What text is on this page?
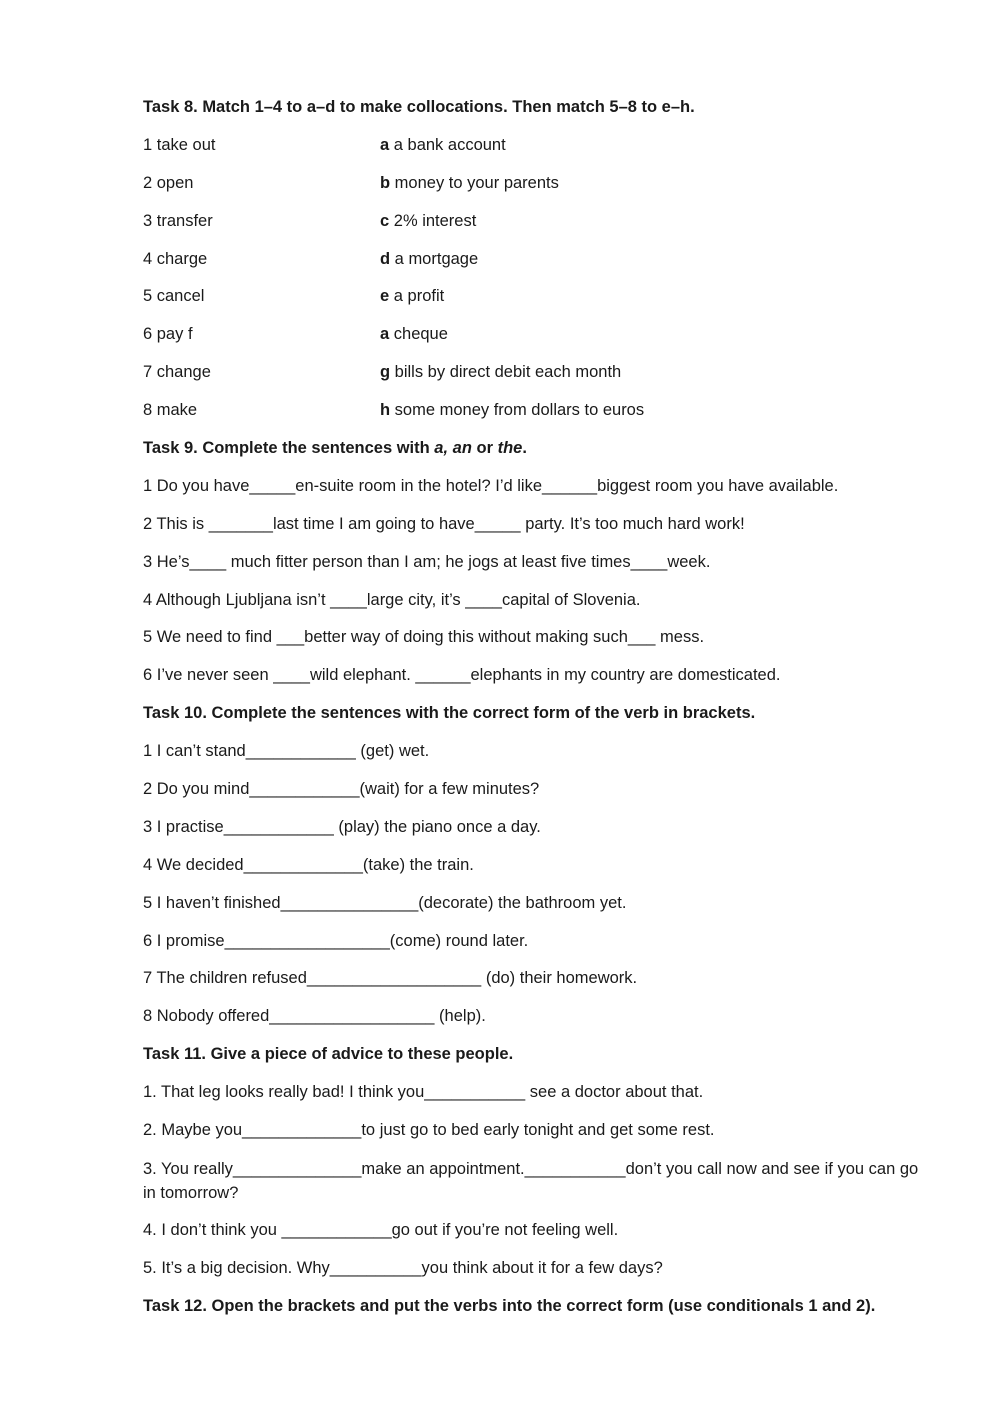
Task 8. Match 1–4 to a–d to make collocations. Then match 5–8 to e–h.
1 take out	a a bank account
2 open	b money to your parents
3 transfer	c 2% interest
4 charge	d a mortgage
5 cancel	e a profit
6 pay f	a cheque
7 change	g bills by direct debit each month
8 make	h some money from dollars to euros
Task 9. Complete the sentences with a, an or the.
1 Do you have_____en-suite room in the hotel? I’d like______biggest room you have available.
2 This is _______last time I am going to have_____ party. It’s too much hard work!
3 He’s____ much fitter person than I am; he jogs at least five times____week.
4 Although Ljubljana isn’t ____large city, it’s ____capital of Slovenia.
5 We need to find ___better way of doing this without making such___ mess.
6 I’ve never seen ____wild elephant. ______elephants in my country are domesticated.
Task 10. Complete the sentences with the correct form of the verb in brackets.
1 I can’t stand____________ (get) wet.
2 Do you mind____________(wait) for a few minutes?
3 I practise____________ (play) the piano once a day.
4 We decided_____________(take) the train.
5 I haven’t finished_______________(decorate) the bathroom yet.
6 I promise__________________(come) round later.
7 The children refused___________________ (do) their homework.
8 Nobody offered__________________ (help).
Task 11. Give a piece of advice to these people.
1. That leg looks really bad! I think you___________ see a doctor about that.
2. Maybe you_____________to just go to bed early tonight and get some rest.
3. You really______________make an appointment.___________don’t you call now and see if you can go in tomorrow?
4. I don’t think you ____________go out if you’re not feeling well.
5. It’s a big decision. Why__________you think about it for a few days?
Task 12. Open the brackets and put the verbs into the correct form (use conditionals 1 and 2).
